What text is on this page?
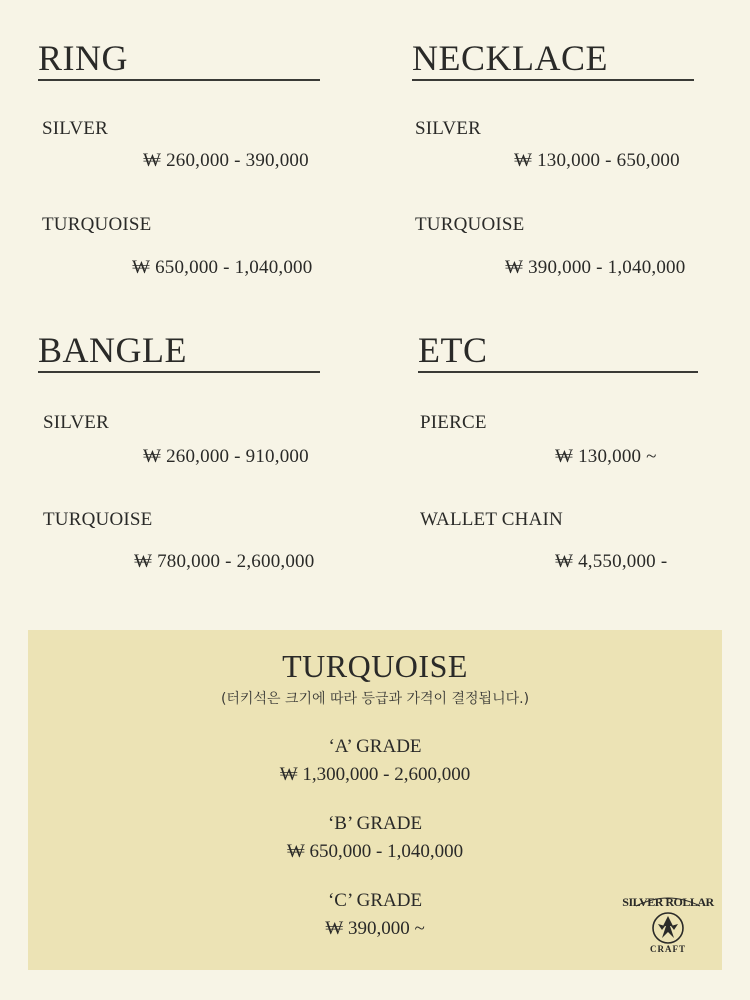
RING
SILVER
₩ 260,000 - 390,000
TURQUOISE
₩ 650,000 - 1,040,000
NECKLACE
SILVER
₩ 130,000 - 650,000
TURQUOISE
₩ 390,000 - 1,040,000
BANGLE
SILVER
₩ 260,000 - 910,000
TURQUOISE
₩ 780,000 - 2,600,000
ETC
PIERCE
₩ 130,000 ~
WALLET CHAIN
₩ 4,550,000 -
TURQUOISE
(터키석은 크기에 따라 등급과 가격이 결정됩니다.)
‘A’ GRADE
₩ 1,300,000 - 2,600,000
‘B’ GRADE
₩ 650,000 - 1,040,000
‘C’ GRADE
₩ 390,000 ~
SILVER ROLLAR
CRAFT
